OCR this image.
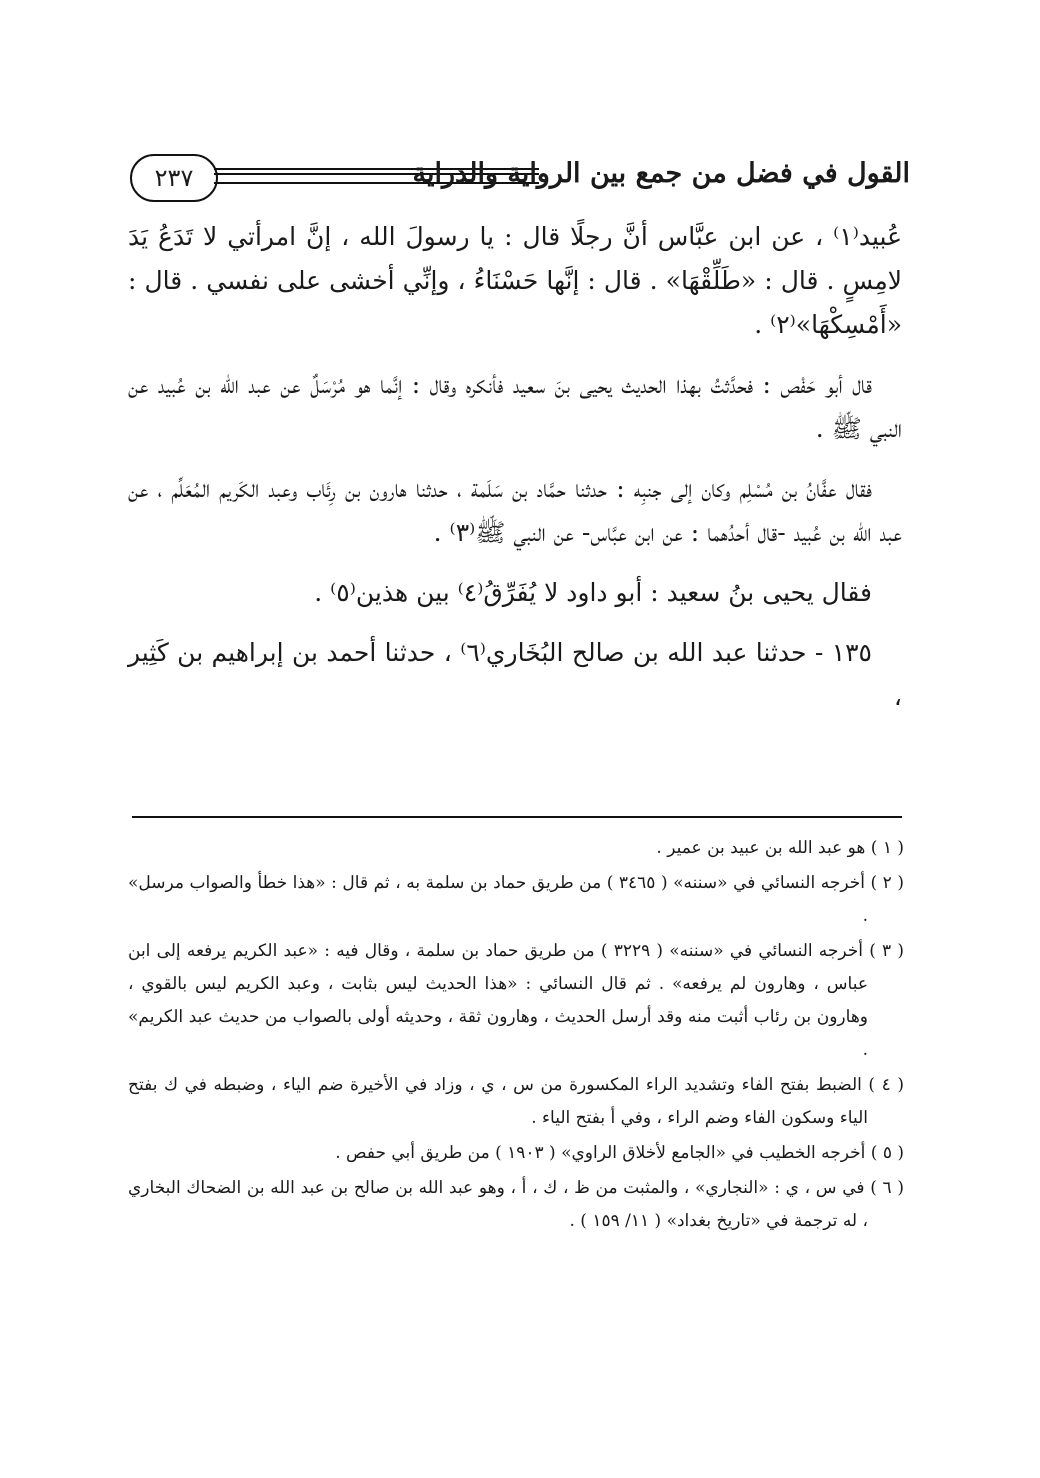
٢٣٧	القول في فضل من جمع بين الرواية والدراية

عُبيد⁽١⁾ ، عن ابن عبَّاس أنَّ رجلًا قال : يا رسولَ الله ، إنَّ امرأتي لا تَدَعُ يَدَ لامِسٍ . قال : «طَلِّقْهَا» . قال : إنَّها حَسْنَاءُ ، وإنِّي أخشى على نفسي . قال : «أَمْسِكْهَا»⁽٢⁾ .

قال أبو حَفْص : فحدَّثتُ بهذا الحديث يحيى بنَ سعيد فأنكره وقال : إنَّما هو مُرْسَلٌ عن عبد الله بن عُبيد عن النبي ﷺ .

فقال عفَّانُ بن مُسْلِم وكان إلى جنبِه : حدثنا حمَّاد بن سَلَمة ، حدثنا هارون بن رِئَاب وعبد الكَريم المُعَلِّم ، عن عبد الله بن عُبيد -قال أحدُهما : عن ابن عبَّاس- عن النبي ﷺ⁽٣⁾ .

فقال يحيى بنُ سعيد : أبو داود لا يُفَرِّقُ⁽٤⁾ بين هذين⁽٥⁾ .

١٣٥ - حدثنا عبد الله بن صالح البُخَاري⁽٦⁾ ، حدثنا أحمد بن إبراهيم بن كَثِير ،

( ١ ) هو عبد الله بن عبيد بن عمير .

( ٢ ) أخرجه النسائي في «سننه» ( ٣٤٦٥ ) من طريق حماد بن سلمة به ، ثم قال : «هذا خطأ والصواب مرسل» .

( ٣ ) أخرجه النسائي في «سننه» ( ٣٢٢٩ ) من طريق حماد بن سلمة ، وقال فيه : «عبد الكريم يرفعه إلى ابن عباس ، وهارون لم يرفعه» . ثم قال النسائي : «هذا الحديث ليس بثابت ، وعبد الكريم ليس بالقوي ، وهارون بن رئاب أثبت منه وقد أرسل الحديث ، وهارون ثقة ، وحديثه أولى بالصواب من حديث عبد الكريم» .

( ٤ ) الضبط بفتح الفاء وتشديد الراء المكسورة من س ، ي ، وزاد في الأخيرة ضم الياء ، وضبطه في ك بفتح الياء وسكون الفاء وضم الراء ، وفي أ بفتح الياء .

( ٥ ) أخرجه الخطيب في «الجامع لأخلاق الراوي» ( ١٩٠٣ ) من طريق أبي حفص .

( ٦ ) في س ، ي : «النجاري» ، والمثبت من ظ ، ك ، أ ، وهو عبد الله بن صالح بن عبد الله بن الضحاك البخاري ، له ترجمة في «تاريخ بغداد» ( ١١/ ١٥٩ ) .
